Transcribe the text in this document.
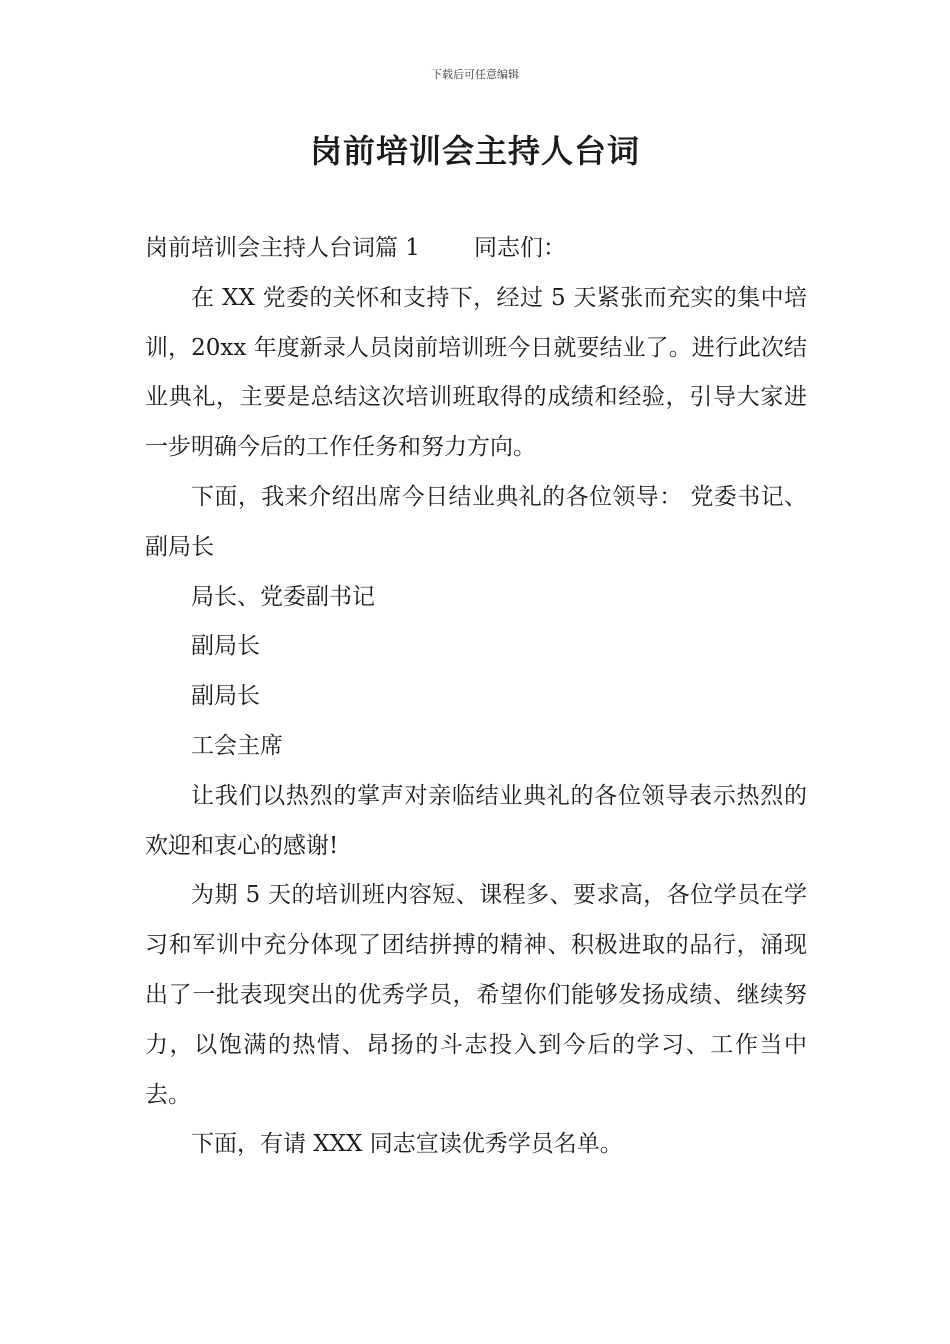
下载后可任意编辑
岗前培训会主持人台词

岗前培训会主持人台词篇 1 同志们：

在 XX 党委的关怀和支持下，经过 5 天紧张而充实的集中培训，20xx 年度新录人员岗前培训班今日就要结业了。进行此次结业典礼，主要是总结这次培训班取得的成绩和经验，引导大家进一步明确今后的工作任务和努力方向。

下面，我来介绍出席今日结业典礼的各位领导： 党委书记、副局长

局长、党委副书记

副局长

副局长

工会主席

让我们以热烈的掌声对亲临结业典礼的各位领导表示热烈的欢迎和衷心的感谢!

为期 5 天的培训班内容短、课程多、要求高，各位学员在学习和军训中充分体现了团结拼搏的精神、积极进取的品行，涌现出了一批表现突出的优秀学员，希望你们能够发扬成绩、继续努力，以饱满的热情、昂扬的斗志投入到今后的学习、工作当中去。

下面，有请 XXX 同志宣读优秀学员名单。
